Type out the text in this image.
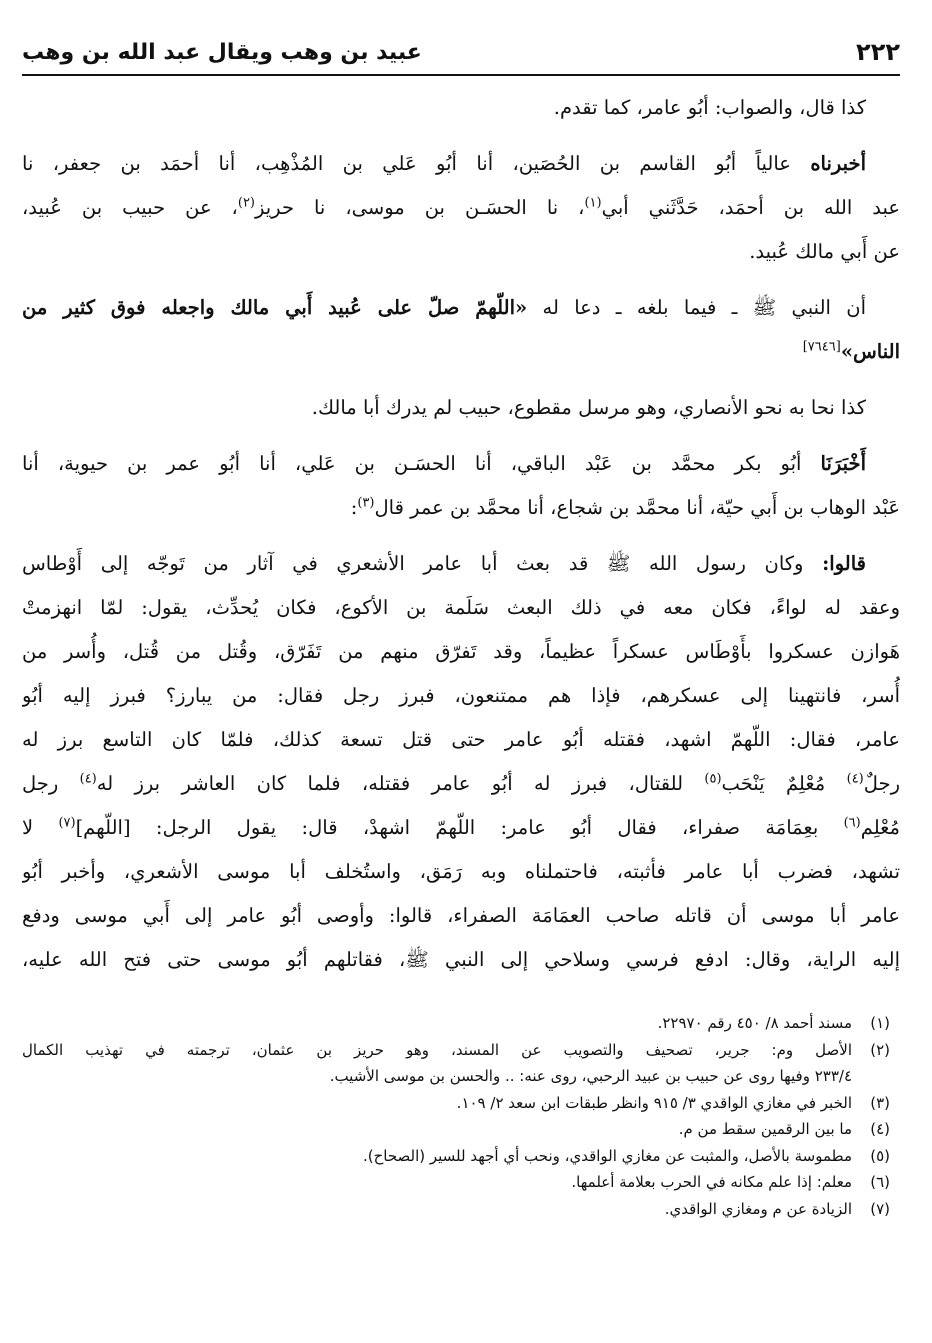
٢٢٢
عبيد بن وهب ويقال عبد الله بن وهب

كذا قال، والصواب: أبُو عامر، كما تقدم.

أخبرناه عالياً أبُو القاسم بن الحُصَين، أنا أبُو عَلي بن المُذْهِب، أنا أحمَد بن جعفر، نا
عبد الله بن أحمَد، حَدَّثَني أبي$^{(١)}$، نا الحسَـن بن موسى، نا حريز$^{(٢)}$، عن حبيب بن عُبيد،
عن أَبي مالك عُبيد.

أن النبي ﷺ ـ فيما بلغه ـ دعا له «اللّهمّ صلّ على عُبيد أَبي مالك واجعله فوق كثير من
الناس»[٧٦٤٦]

كذا نحا به نحو الأنصاري، وهو مرسل مقطوع، حبيب لم يدرك أبا مالك.

أَخْبَرَنَا أبُو بكر محمَّد بن عَبْد الباقي، أنا الحسَـن بن عَلي، أنا أبُو عمر بن حيوية، أنا
عَبْد الوهاب بن أَبي حيّة، أنا محمَّد بن شجاع، أنا محمَّد بن عمر قال$^{(٣)}$:

قالوا: وكان رسول الله ﷺ قد بعث أبا عامر الأشعري في آثار من تَوجّه إلى أَوْطاس
وعقد له لواءً، فكان معه في ذلك البعث سَلَمة بن الأكوع، فكان يُحدِّث، يقول: لمّا انهزمتْ
هَوازن عسكروا بأَوْطَاس عسكراً عظيماً، وقد تَفرّق منهم من تَفَرّق، وقُتل من قُتل، وأُسر من
أُسر، فانتهينا إلى عسكرهم، فإذا هم ممتنعون، فبرز رجل فقال: من يبارز؟ فبرز إليه أبُو
عامر، فقال: اللّهمّ اشهد، فقتله أبُو عامر حتى قتل تسعة كذلك، فلمّا كان التاسع برز له
رجلٌ$^{(٤)}$ مُعْلِمٌ يَنْحَب$^{(٥)}$ للقتال، فبرز له أبُو عامر فقتله، فلما كان العاشر برز له$^{(٤)}$ رجل
مُعْلِم$^{(٦)}$ بعِمَامَة صفراء، فقال أبُو عامر: اللّهمّ اشهدْ، قال: يقول الرجل: [اللّهم]$^{(٧)}$ لا
تشهد، فضرب أبا عامر فأثبته، فاحتملناه وبه رَمَق، واستُخلف أبا موسى الأشعري، وأخبر أبُو
عامر أبا موسى أن قاتله صاحب العمَامَة الصفراء، قالوا: وأوصى أبُو عامر إلى أَبي موسى ودفع
إليه الراية، وقال: ادفع فرسي وسلاحي إلى النبي ﷺ، فقاتلهم أبُو موسى حتى فتح الله عليه،

(١)
مسند أحمد ٨/ ٤٥٠ رقم ٢٢٩٧٠.
(٢)
الأصل وم: جرير، تصحيف والتصويب عن المسند، وهو حريز بن عثمان، ترجمته في تهذيب الكمال
٢٣٣/٤ وفيها روى عن حبيب بن عبيد الرحبي، روى عنه: .. والحسن بن موسى الأشيب.
(٣)
الخبر في مغازي الواقدي ٣/ ٩١٥ وانظر طبقات ابن سعد ٢/ ١٠٩.
(٤)
ما بين الرقمين سقط من م.
(٥)
مطموسة بالأصل، والمثبت عن مغازي الواقدي، ونحب أي أجهد للسير (الصحاح).
(٦)
معلم: إذا علم مكانه في الحرب بعلامة أعلمها.
(٧)
الزيادة عن م ومغازي الواقدي.
